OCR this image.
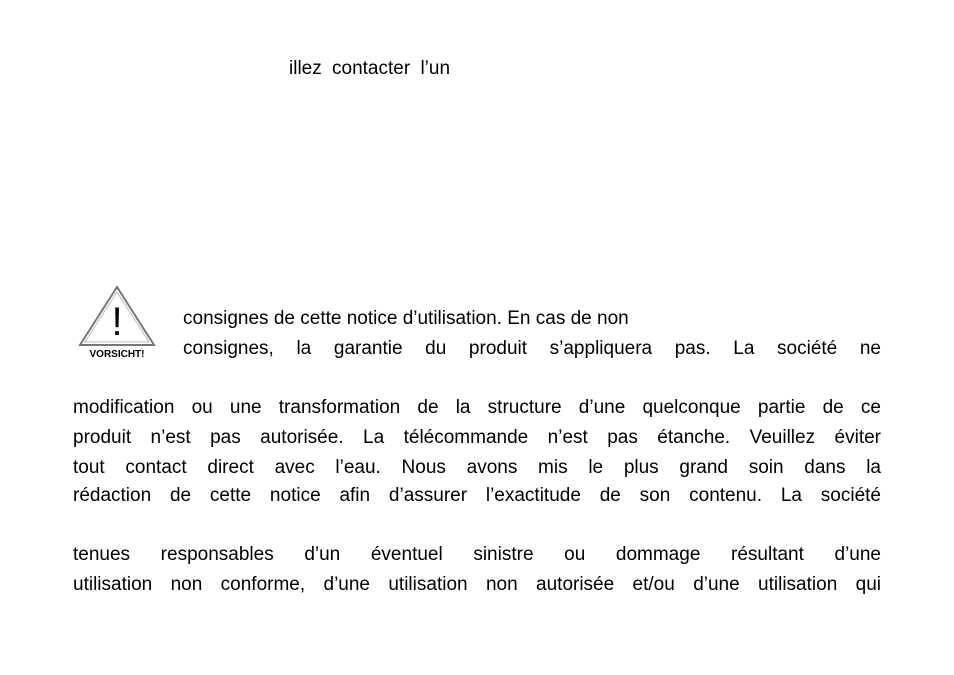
illez contacter l’un
!
VORSICHT!
consignes de cette notice d’utilisation. En cas de non
consignes, la garantie du produit s’appliquera pas. La société ne
modification ou une transformation de la structure d’une quelconque partie de ce
produit n’est pas autorisée. La télécommande n’est pas étanche. Veuillez éviter
tout contact direct avec l’eau. Nous avons mis le plus grand soin dans la
rédaction de cette notice afin d’assurer l’exactitude de son contenu. La société
tenues responsables d’un éventuel sinistre ou dommage résultant d’une
utilisation non conforme, d’une utilisation non autorisée et/ou d’une utilisation qui
